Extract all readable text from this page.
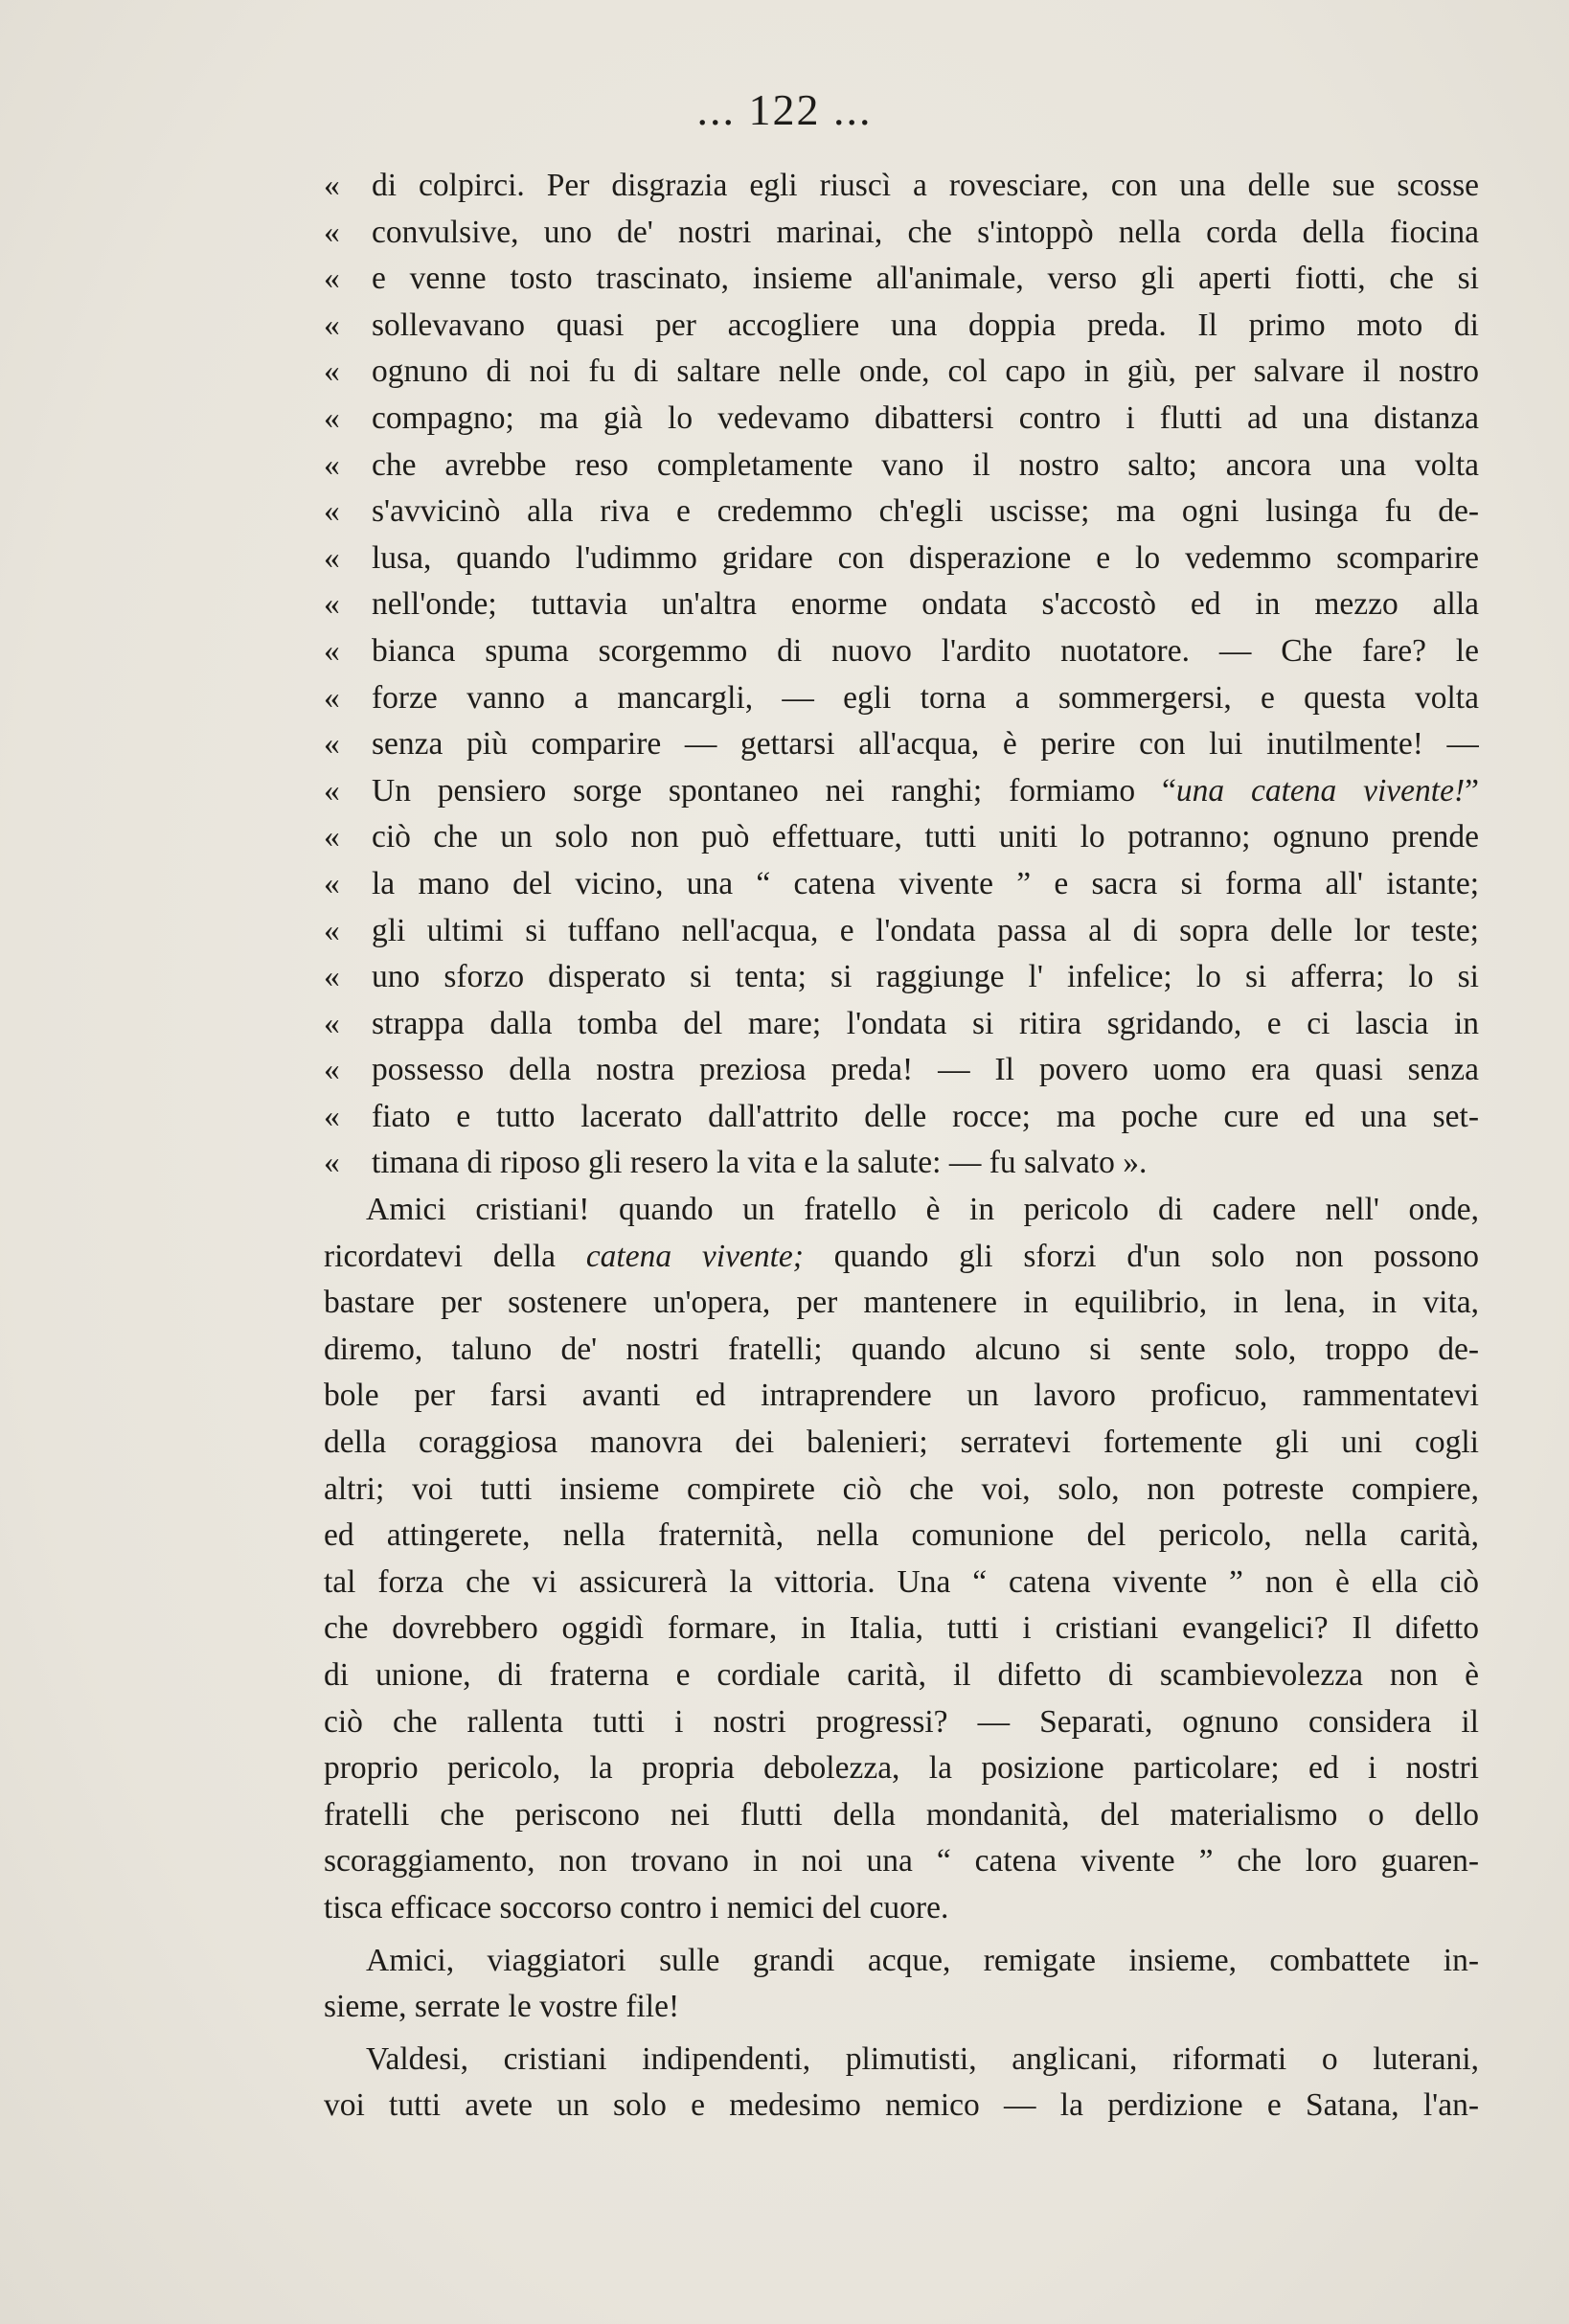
... 122 ...
« di colpirci. Per disgrazia egli riuscì a rovesciare, con una delle sue scosse
« convulsive, uno de' nostri marinai, che s'intoppò nella corda della fiocina
« e venne tosto trascinato, insieme all'animale, verso gli aperti fiotti, che si
« sollevavano quasi per accogliere una doppia preda. Il primo moto di
« ognuno di noi fu di saltare nelle onde, col capo in giù, per salvare il nostro
« compagno; ma già lo vedevamo dibattersi contro i flutti ad una distanza
« che avrebbe reso completamente vano il nostro salto; ancora una volta
« s'avvicinò alla riva e credemmo ch'egli uscisse; ma ogni lusinga fu de-
« lusa, quando l'udimmo gridare con disperazione e lo vedemmo scomparire
« nell'onde; tuttavia un'altra enorme ondata s'accostò ed in mezzo alla
« bianca spuma scorgemmo di nuovo l'ardito nuotatore. — Che fare? le
« forze vanno a mancargli, — egli torna a sommergersi, e questa volta
« senza più comparire — gettarsi all'acqua, è perire con lui inutilmente! —
« Un pensiero sorge spontaneo nei ranghi; formiamo “una catena vivente!”
« ciò che un solo non può effettuare, tutti uniti lo potranno; ognuno prende
« la mano del vicino, una “ catena vivente ” e sacra si forma all' istante;
« gli ultimi si tuffano nell'acqua, e l'ondata passa al di sopra delle lor teste;
« uno sforzo disperato si tenta; si raggiunge l' infelice; lo si afferra; lo si
« strappa dalla tomba del mare; l'ondata si ritira sgridando, e ci lascia in
« possesso della nostra preziosa preda! — Il povero uomo era quasi senza
« fiato e tutto lacerato dall'attrito delle rocce; ma poche cure ed una set-
« timana di riposo gli resero la vita e la salute: — fu salvato ».
Amici cristiani! quando un fratello è in pericolo di cadere nell' onde,
ricordatevi della catena vivente; quando gli sforzi d'un solo non possono
bastare per sostenere un'opera, per mantenere in equilibrio, in lena, in vita,
diremo, taluno de' nostri fratelli; quando alcuno si sente solo, troppo de-
bole per farsi avanti ed intraprendere un lavoro proficuo, rammentatevi
della coraggiosa manovra dei balenieri; serratevi fortemente gli uni cogli
altri; voi tutti insieme compirete ciò che voi, solo, non potreste compiere,
ed attingerete, nella fraternità, nella comunione del pericolo, nella carità,
tal forza che vi assicurerà la vittoria. Una “ catena vivente ” non è ella ciò
che dovrebbero oggidì formare, in Italia, tutti i cristiani evangelici? Il difetto
di unione, di fraterna e cordiale carità, il difetto di scambievolezza non è
ciò che rallenta tutti i nostri progressi? — Separati, ognuno considera il
proprio pericolo, la propria debolezza, la posizione particolare; ed i nostri
fratelli che periscono nei flutti della mondanità, del materialismo o dello
scoraggiamento, non trovano in noi una “ catena vivente ” che loro guaren-
tisca efficace soccorso contro i nemici del cuore.
Amici, viaggiatori sulle grandi acque, remigate insieme, combattete in-
sieme, serrate le vostre file!
Valdesi, cristiani indipendenti, plimutisti, anglicani, riformati o luterani,
voi tutti avete un solo e medesimo nemico — la perdizione e Satana, l'an-
